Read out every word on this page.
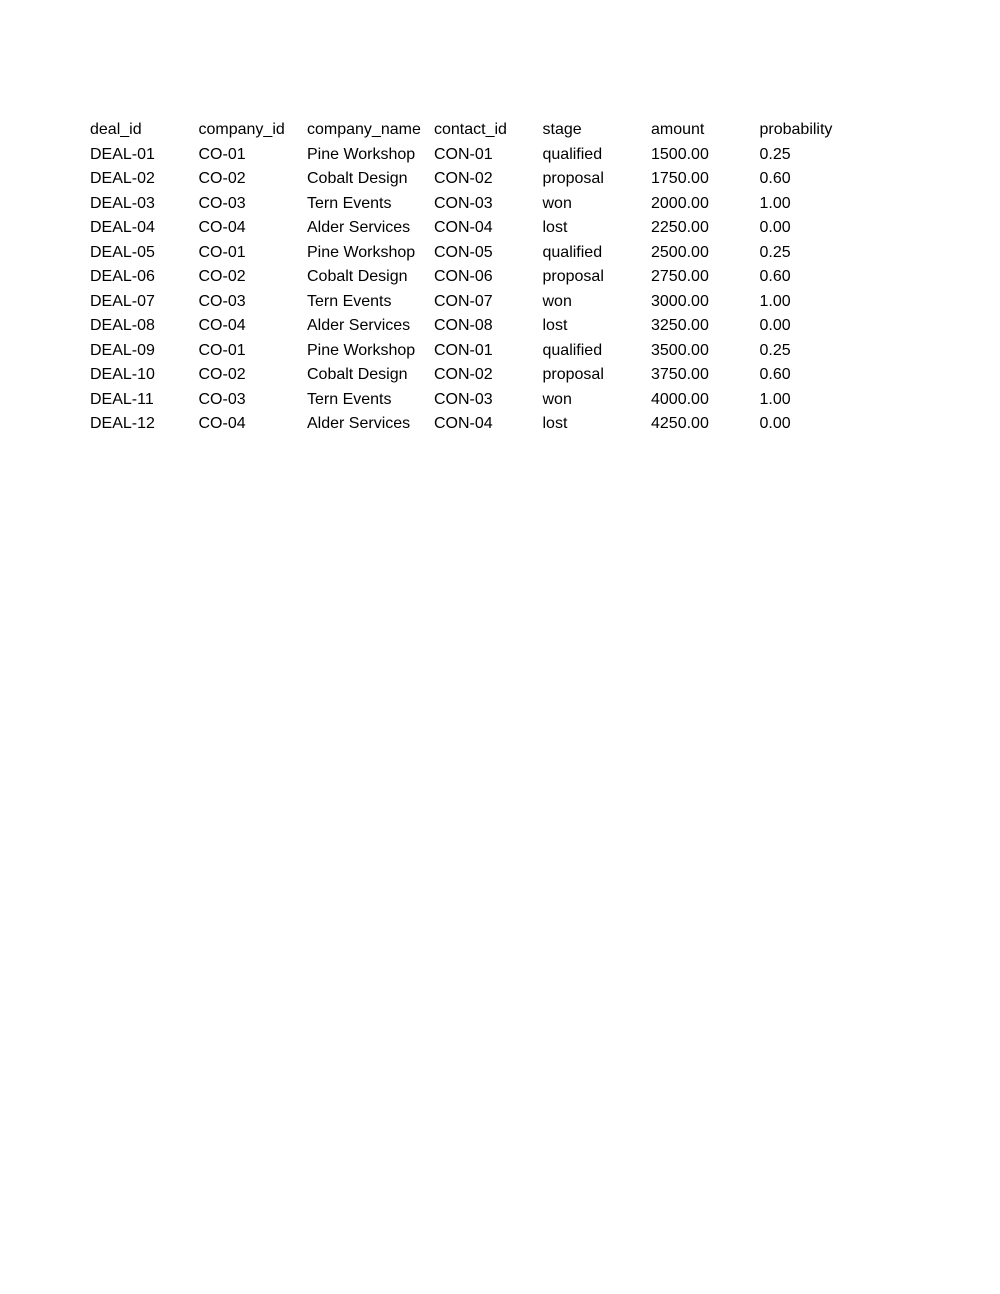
deal_id	company_id	company_name	contact_id	stage	amount	probability
DEAL-01	CO-01	Pine Workshop	CON-01	qualified	1500.00	0.25
DEAL-02	CO-02	Cobalt Design	CON-02	proposal	1750.00	0.60
DEAL-03	CO-03	Tern Events	CON-03	won	2000.00	1.00
DEAL-04	CO-04	Alder Services	CON-04	lost	2250.00	0.00
DEAL-05	CO-01	Pine Workshop	CON-05	qualified	2500.00	0.25
DEAL-06	CO-02	Cobalt Design	CON-06	proposal	2750.00	0.60
DEAL-07	CO-03	Tern Events	CON-07	won	3000.00	1.00
DEAL-08	CO-04	Alder Services	CON-08	lost	3250.00	0.00
DEAL-09	CO-01	Pine Workshop	CON-01	qualified	3500.00	0.25
DEAL-10	CO-02	Cobalt Design	CON-02	proposal	3750.00	0.60
DEAL-11	CO-03	Tern Events	CON-03	won	4000.00	1.00
DEAL-12	CO-04	Alder Services	CON-04	lost	4250.00	0.00
